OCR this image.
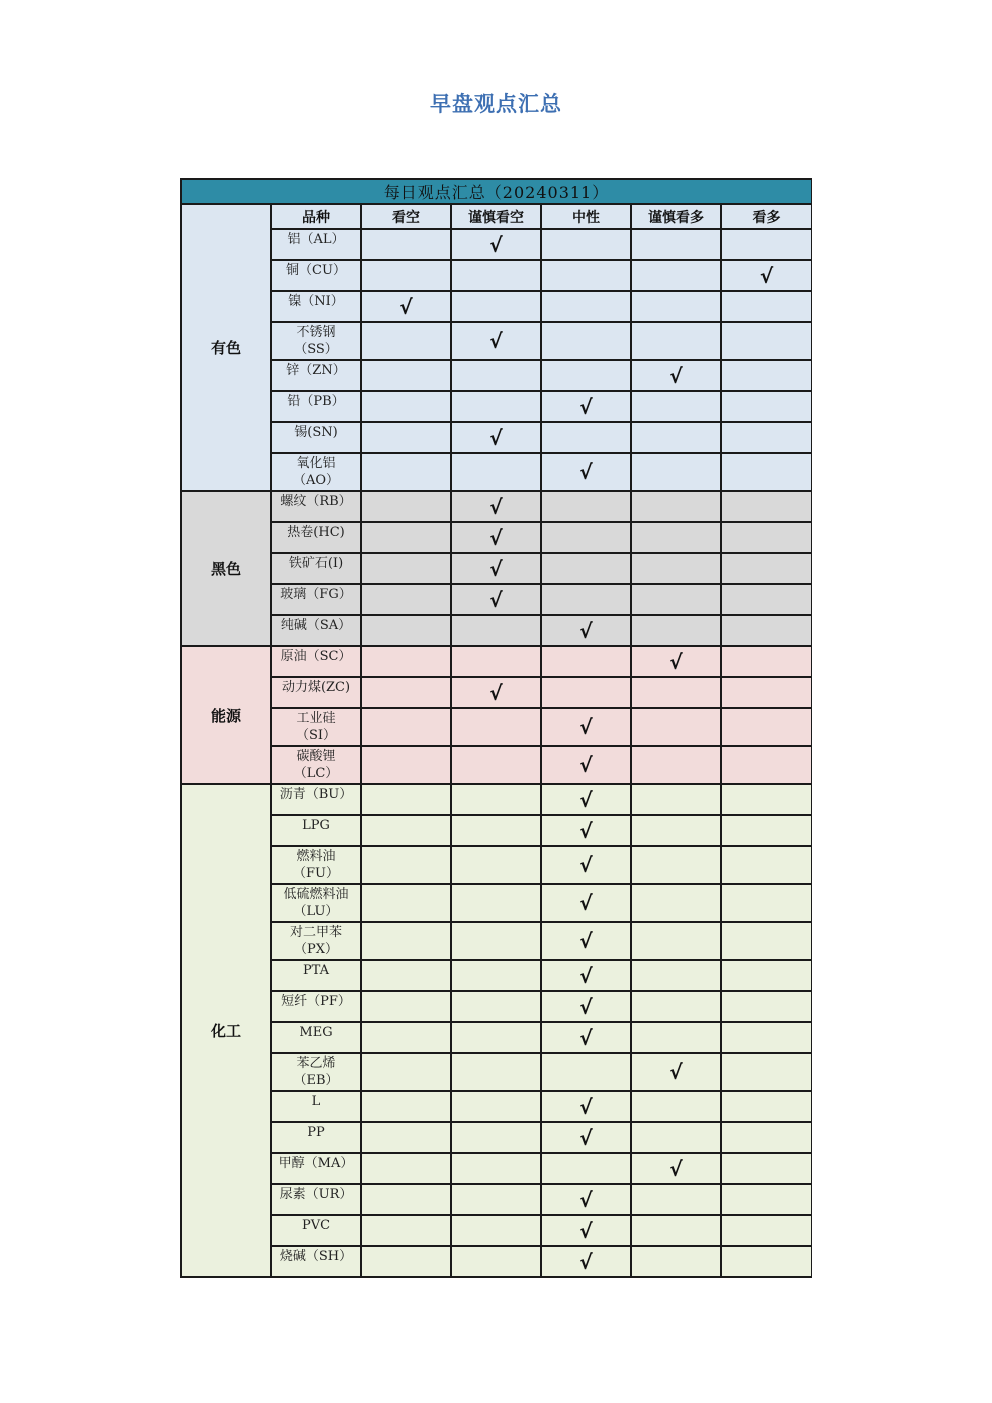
早盘观点汇总
每日观点汇总（20240311）						
有色	品种	看空	谨慎看空	中性	谨慎看多	看多
	铝（AL）		√			
	铜（CU）					√
	镍（NI）	√				
	不锈钢
（SS）		√			
	锌（ZN）				√	
	铅（PB）			√		
	锡(SN)		√			
	氧化铝
（AO）			√		
黑色	螺纹（RB）		√			
	热卷(HC)		√			
	铁矿石(I)		√			
	玻璃（FG）		√			
	纯碱（SA）			√		
能源	原油（SC）				√	
	动力煤(ZC)		√			
	工业硅
（SI）			√		
	碳酸锂
（LC）			√		
化工	沥青（BU）			√		
	LPG			√		
	燃料油
（FU）			√		
	低硫燃料油
（LU）			√		
	对二甲苯
（PX）			√		
	PTA			√		
	短纤（PF）			√		
	MEG			√		
	苯乙烯
（EB）				√	
	L			√		
	PP			√		
	甲醇（MA）				√	
	尿素（UR）			√		
	PVC			√		
	烧碱（SH）			√		
